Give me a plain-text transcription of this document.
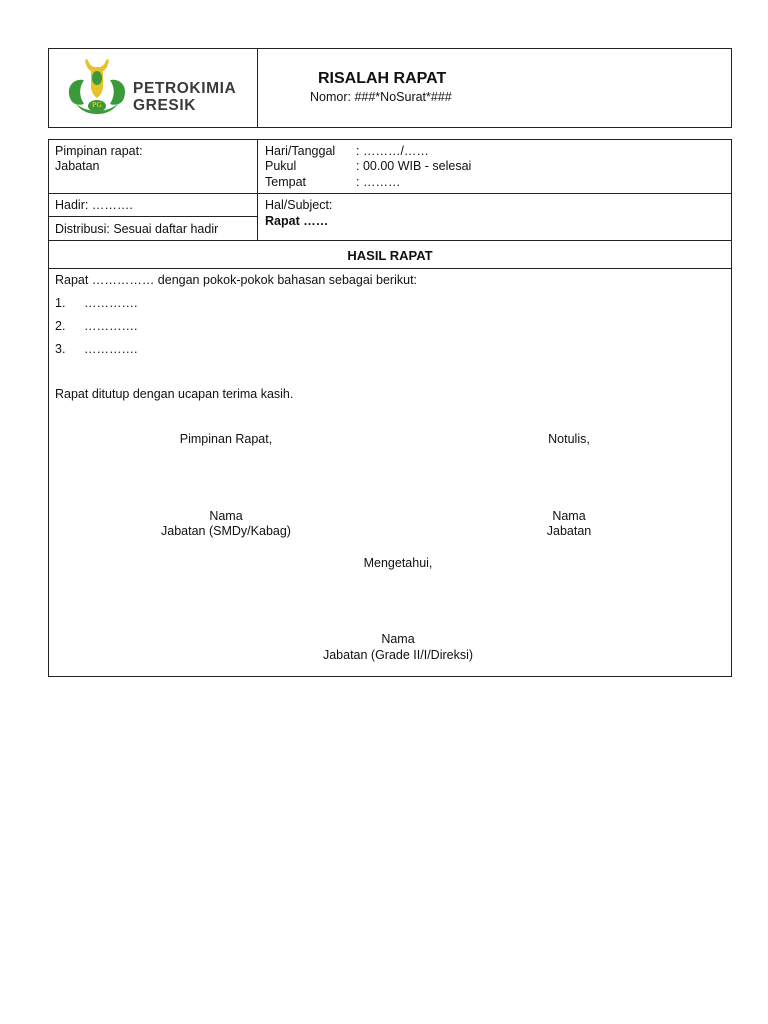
PG
PETROKIMIA
GRESIK
RISALAH RAPAT
Nomor: ###*NoSurat*###
Pimpinan rapat:
Jabatan
Hari/Tanggal : ………/……
Pukul	: 00.00 WIB - selesai
Tempat	: ………
Hadir: ……….
Distribusi: Sesuai daftar hadir
Hal/Subject:
Rapat ……
HASIL RAPAT
Rapat …………… dengan pokok-pokok bahasan sebagai berikut:
1. ………….
2. ………….
3. ………….
Rapat ditutup dengan ucapan terima kasih.
Pimpinan Rapat,
Nama
Jabatan (SMDy/Kabag)
Notulis,
Nama
Jabatan
Mengetahui,
Nama
Jabatan (Grade II/I/Direksi)
